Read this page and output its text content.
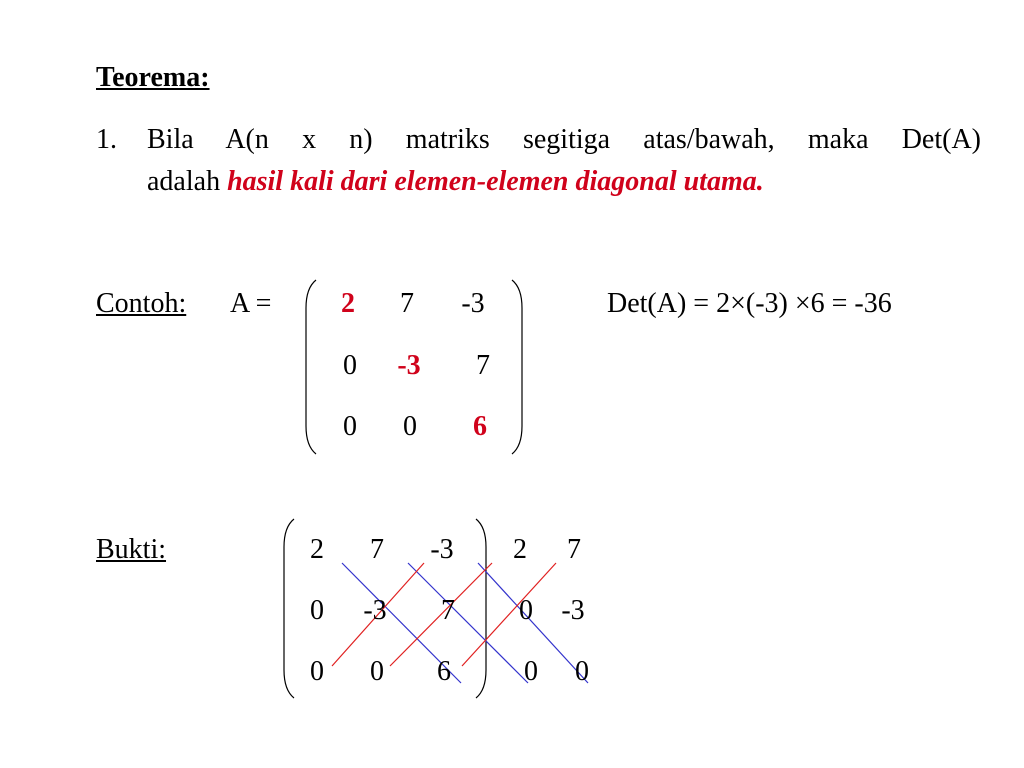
Teorema:
1. Bila A(n x n) matriks segitiga atas/bawah, maka Det(A)
adalah hasil kali dari elemen-elemen diagonal utama.
Contoh: A =	2	7	-3
0	-3	7
0	0	6
Det(A) = 2×(-3) ×6 = -36
Bukti:	2	7	-3	2	7
0	-3	7	0	-3
0	0	6	0	0
